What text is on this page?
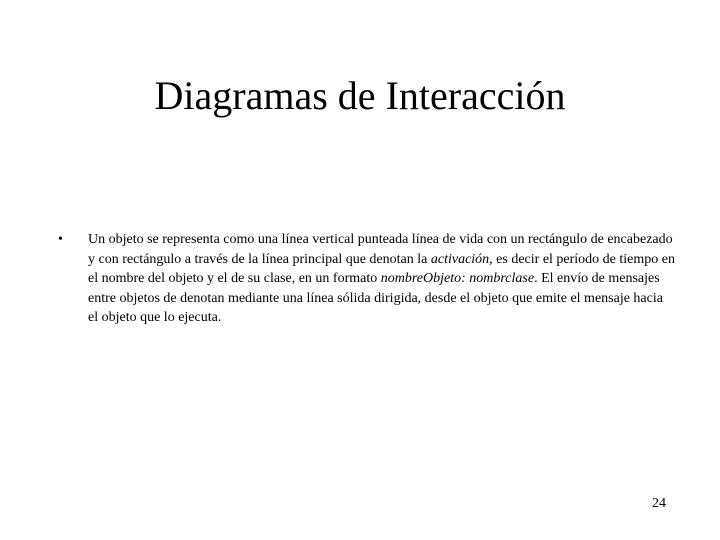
Diagramas de Interacción
• Un objeto se representa como una línea vertical punteada línea de vida con un rectángulo de encabezado y con rectángulo a través de la línea principal que denotan la activación, es decir el período de tiempo en el nombre del objeto y el de su clase, en un formato nombreObjeto: nombrclase. El envío de mensajes entre objetos de denotan mediante una línea sólida dirigida, desde el objeto que emite el mensaje hacia el objeto que lo ejecuta.
24
